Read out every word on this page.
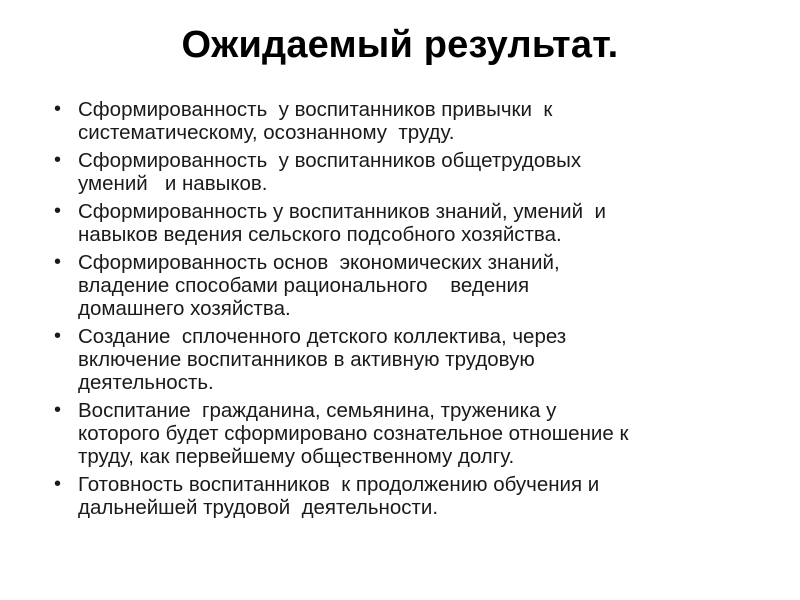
Ожидаемый результат.
• Сформированность  у воспитанников привычки  к
систематическому, осознанному  труду.
• Сформированность  у воспитанников общетрудовых
умений   и навыков.
• Сформированность у воспитанников знаний, умений  и
навыков ведения сельского подсобного хозяйства.
• Сформированность основ  экономических знаний,
владение способами рационального    ведения
домашнего хозяйства.
• Создание  сплоченного детского коллектива, через
включение воспитанников в активную трудовую
деятельность.
• Воспитание  гражданина, семьянина, труженика у
которого будет сформировано сознательное отношение к
труду, как первейшему общественному долгу.
• Готовность воспитанников  к продолжению обучения и
дальнейшей трудовой  деятельности.
